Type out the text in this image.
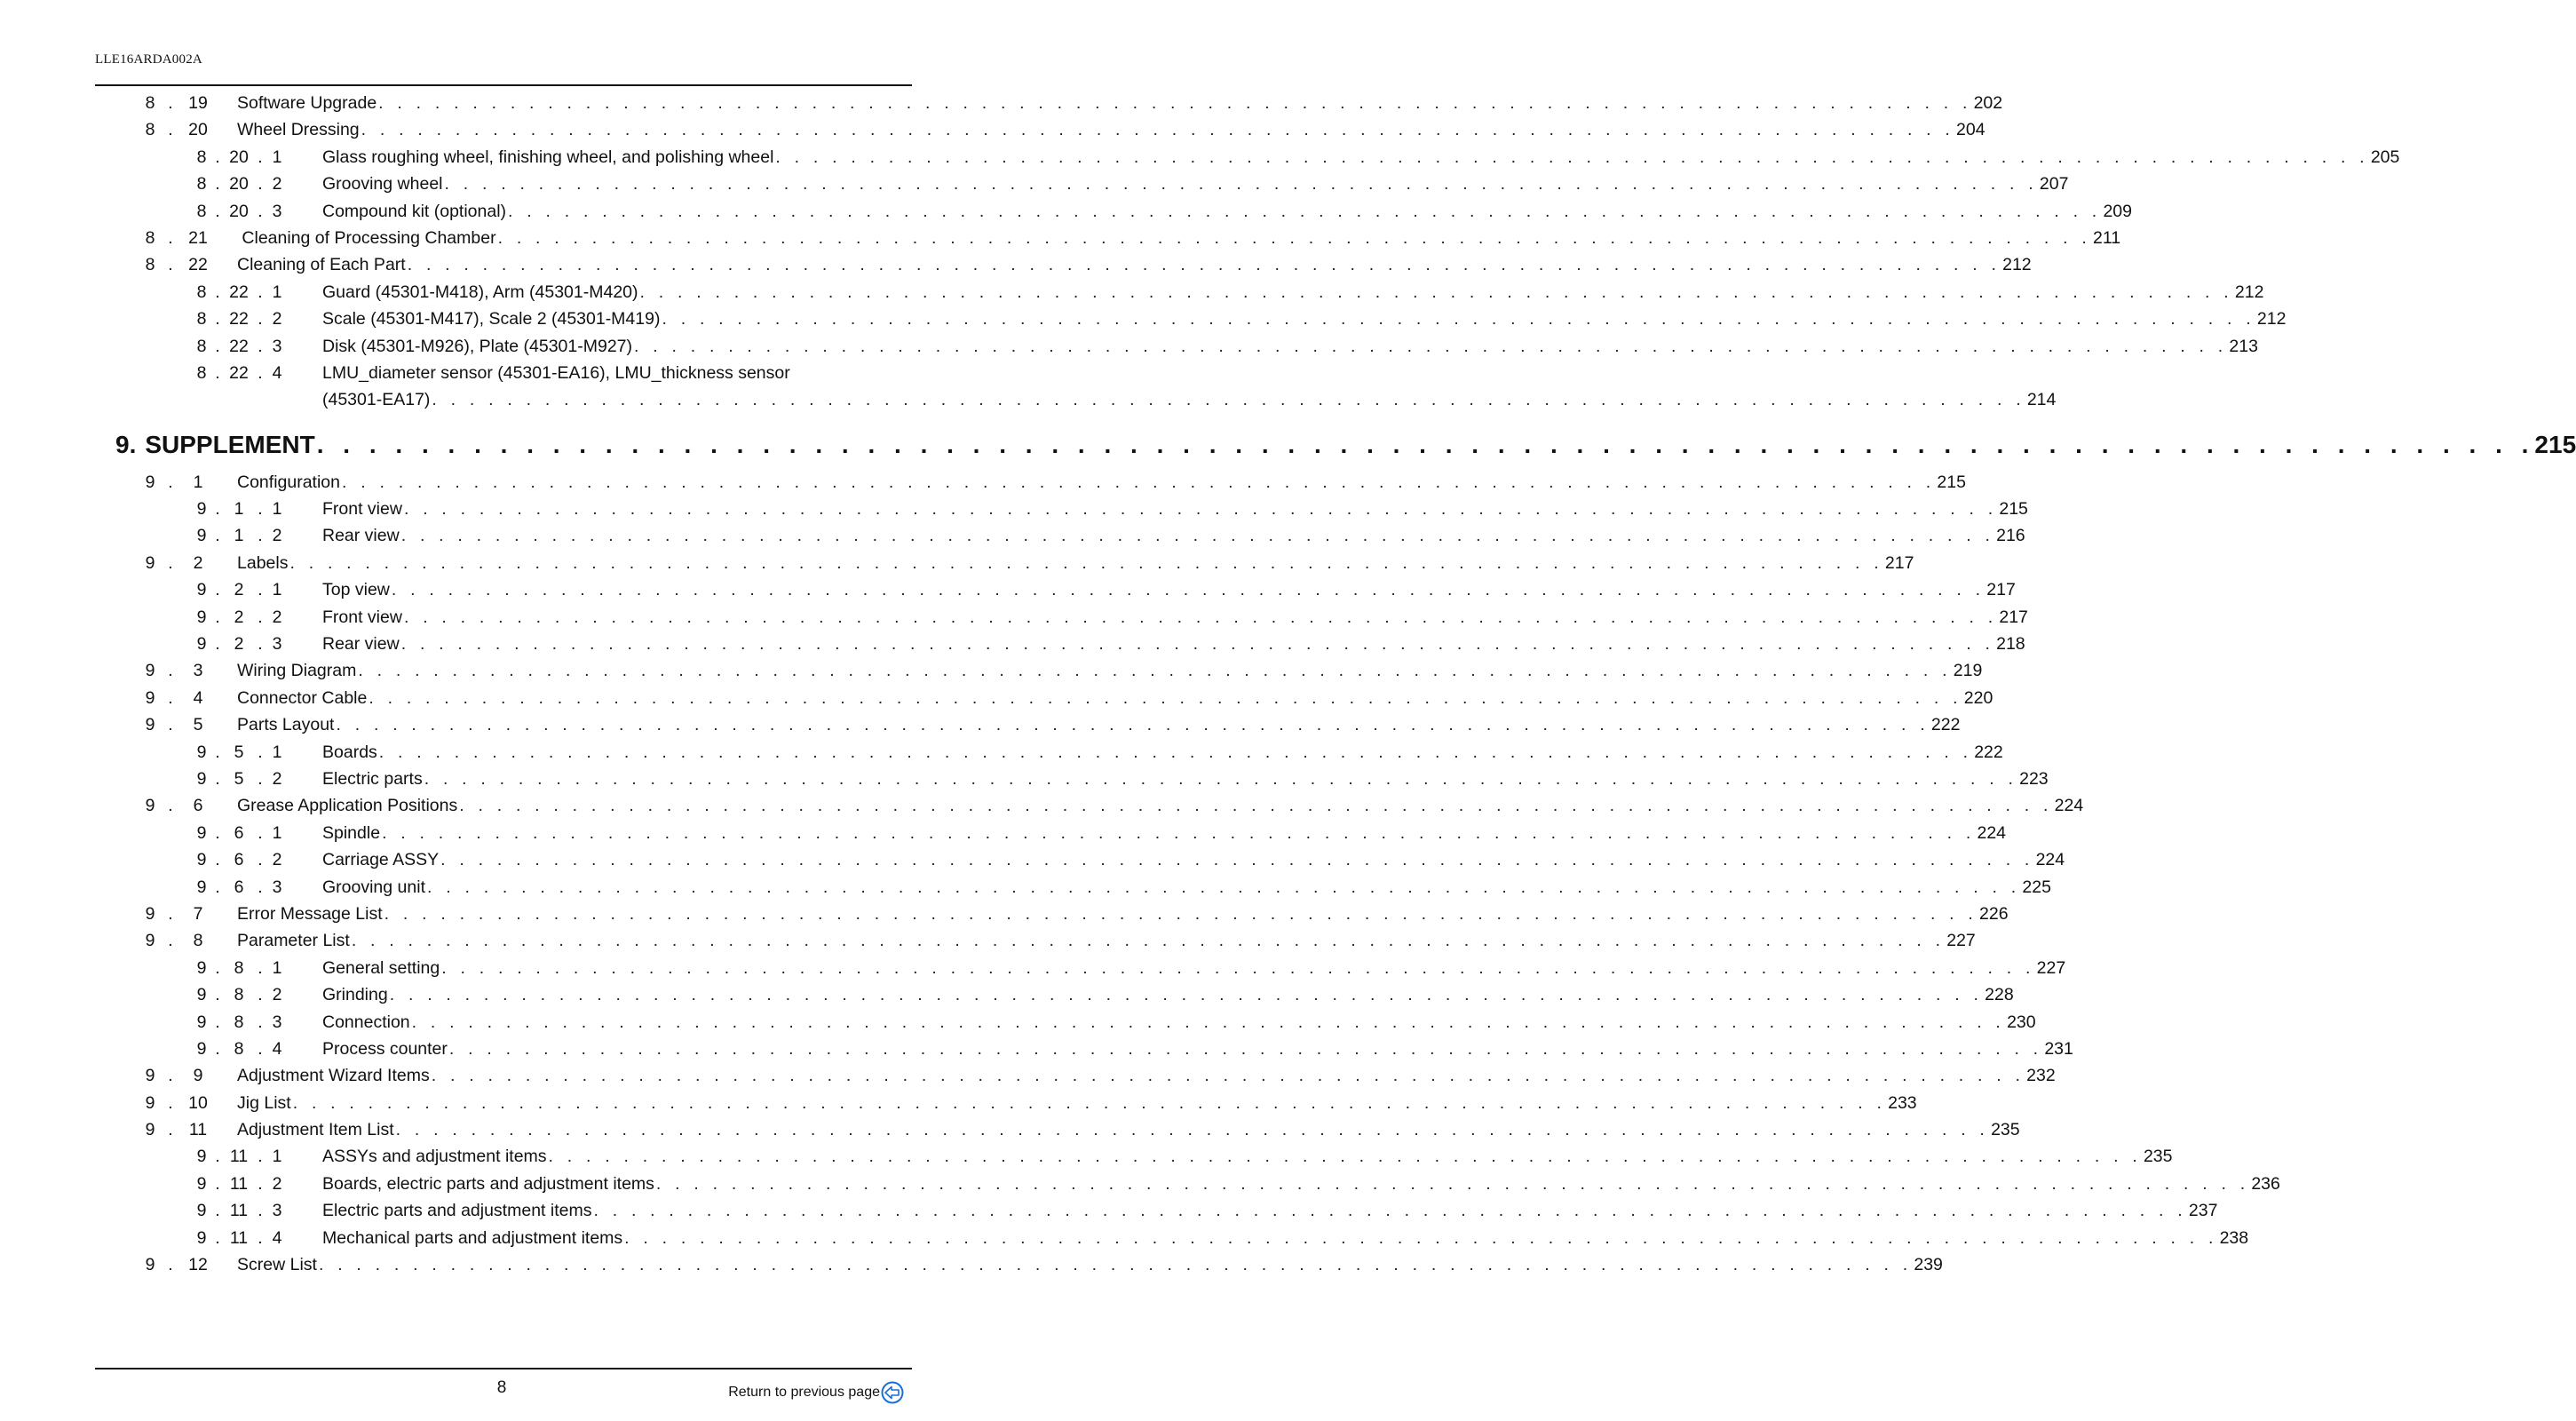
LLE16ARDA002A
8 . 19	Software Upgrade . . . . . . . . . . . . . . . . . . . . . . . . . . . . . . . . . . . . . . . . . . . . . . . . . . . . . . . . . . . . . . . . . . . . . . . . . . . . . . . . . . . . . 202
8 . 20	Wheel Dressing . . . . . . . . . . . . . . . . . . . . . . . . . . . . . . . . . . . . . . . . . . . . . . . . . . . . . . . . . . . . . . . . . . . . . . . . . . . . . . . . . . . . . 204
8 . 20 . 1 Glass roughing wheel, finishing wheel, and polishing wheel . . . . . . . . . . . . . . . . . . . . . . . . . . . . . . . . . . . . . . . . . . . . . . . . . . . . . . . . . . . . . . . . . . . . . . . . . . . . . . . . . . . . . 205
8 . 20 . 2 Grooving wheel . . . . . . . . . . . . . . . . . . . . . . . . . . . . . . . . . . . . . . . . . . . . . . . . . . . . . . . . . . . . . . . . . . . . . . . . . . . . . . . . . . . . . 207
8 . 20 . 3 Compound kit (optional) . . . . . . . . . . . . . . . . . . . . . . . . . . . . . . . . . . . . . . . . . . . . . . . . . . . . . . . . . . . . . . . . . . . . . . . . . . . . . . . . . . . . . 209
8 . 21	Cleaning of Processing Chamber . . . . . . . . . . . . . . . . . . . . . . . . . . . . . . . . . . . . . . . . . . . . . . . . . . . . . . . . . . . . . . . . . . . . . . . . . . . . . . . . . . . . . 211
8 . 22	Cleaning of Each Part . . . . . . . . . . . . . . . . . . . . . . . . . . . . . . . . . . . . . . . . . . . . . . . . . . . . . . . . . . . . . . . . . . . . . . . . . . . . . . . . . . . . . 212
8 . 22 . 1 Guard (45301-M418), Arm (45301-M420) . . . . . . . . . . . . . . . . . . . . . . . . . . . . . . . . . . . . . . . . . . . . . . . . . . . . . . . . . . . . . . . . . . . . . . . . . . . . . . . . . . . . . 212
8 . 22 . 2 Scale (45301-M417), Scale 2 (45301-M419) . . . . . . . . . . . . . . . . . . . . . . . . . . . . . . . . . . . . . . . . . . . . . . . . . . . . . . . . . . . . . . . . . . . . . . . . . . . . . . . . . . . . . 212
8 . 22 . 3 Disk (45301-M926), Plate (45301-M927) . . . . . . . . . . . . . . . . . . . . . . . . . . . . . . . . . . . . . . . . . . . . . . . . . . . . . . . . . . . . . . . . . . . . . . . . . . . . . . . . . . . . . 213
8 . 22 . 4 LMU_diameter sensor (45301-EA16), LMU_thickness sensor
(45301-EA17) . . . . . . . . . . . . . . . . . . . . . . . . . . . . . . . . . . . . . . . . . . . . . . . . . . . . . . . . . . . . . . . . . . . . . . . . . . . . . . . . . . . . . 214
9. SUPPLEMENT . . . . . . . . . . . . . . . . . . . . . . . . . . . . . . . . . . . . . . . . . . . . . . . . . . . . . . . . . . . . . . . . . . . . . . . . . . . . . . . . . . . . . 215
9 .	1	Configuration . . . . . . . . . . . . . . . . . . . . . . . . . . . . . . . . . . . . . . . . . . . . . . . . . . . . . . . . . . . . . . . . . . . . . . . . . . . . . . . . . . . . . 215
9 . 1 . 1 Front view . . . . . . . . . . . . . . . . . . . . . . . . . . . . . . . . . . . . . . . . . . . . . . . . . . . . . . . . . . . . . . . . . . . . . . . . . . . . . . . . . . . . . 215
9 . 1 . 2 Rear view . . . . . . . . . . . . . . . . . . . . . . . . . . . . . . . . . . . . . . . . . . . . . . . . . . . . . . . . . . . . . . . . . . . . . . . . . . . . . . . . . . . . . 216
9 .	2	Labels . . . . . . . . . . . . . . . . . . . . . . . . . . . . . . . . . . . . . . . . . . . . . . . . . . . . . . . . . . . . . . . . . . . . . . . . . . . . . . . . . . . . . 217
9 . 2 . 1 Top view . . . . . . . . . . . . . . . . . . . . . . . . . . . . . . . . . . . . . . . . . . . . . . . . . . . . . . . . . . . . . . . . . . . . . . . . . . . . . . . . . . . . . 217
9 . 2 . 2 Front view . . . . . . . . . . . . . . . . . . . . . . . . . . . . . . . . . . . . . . . . . . . . . . . . . . . . . . . . . . . . . . . . . . . . . . . . . . . . . . . . . . . . . 217
9 . 2 . 3 Rear view . . . . . . . . . . . . . . . . . . . . . . . . . . . . . . . . . . . . . . . . . . . . . . . . . . . . . . . . . . . . . . . . . . . . . . . . . . . . . . . . . . . . . 218
9 .	3	Wiring Diagram . . . . . . . . . . . . . . . . . . . . . . . . . . . . . . . . . . . . . . . . . . . . . . . . . . . . . . . . . . . . . . . . . . . . . . . . . . . . . . . . . . . . . 219
9 .	4	Connector Cable . . . . . . . . . . . . . . . . . . . . . . . . . . . . . . . . . . . . . . . . . . . . . . . . . . . . . . . . . . . . . . . . . . . . . . . . . . . . . . . . . . . . . 220
9 .	5	Parts Layout . . . . . . . . . . . . . . . . . . . . . . . . . . . . . . . . . . . . . . . . . . . . . . . . . . . . . . . . . . . . . . . . . . . . . . . . . . . . . . . . . . . . . 222
9 . 5 . 1 Boards . . . . . . . . . . . . . . . . . . . . . . . . . . . . . . . . . . . . . . . . . . . . . . . . . . . . . . . . . . . . . . . . . . . . . . . . . . . . . . . . . . . . . 222
9 . 5 . 2 Electric parts . . . . . . . . . . . . . . . . . . . . . . . . . . . . . . . . . . . . . . . . . . . . . . . . . . . . . . . . . . . . . . . . . . . . . . . . . . . . . . . . . . . . . 223
9 .	6	Grease Application Positions . . . . . . . . . . . . . . . . . . . . . . . . . . . . . . . . . . . . . . . . . . . . . . . . . . . . . . . . . . . . . . . . . . . . . . . . . . . . . . . . . . . . . 224
9 . 6 . 1 Spindle . . . . . . . . . . . . . . . . . . . . . . . . . . . . . . . . . . . . . . . . . . . . . . . . . . . . . . . . . . . . . . . . . . . . . . . . . . . . . . . . . . . . . 224
9 . 6 . 2 Carriage ASSY . . . . . . . . . . . . . . . . . . . . . . . . . . . . . . . . . . . . . . . . . . . . . . . . . . . . . . . . . . . . . . . . . . . . . . . . . . . . . . . . . . . . . 224
9 . 6 . 3 Grooving unit . . . . . . . . . . . . . . . . . . . . . . . . . . . . . . . . . . . . . . . . . . . . . . . . . . . . . . . . . . . . . . . . . . . . . . . . . . . . . . . . . . . . . 225
9 .	7	Error Message List . . . . . . . . . . . . . . . . . . . . . . . . . . . . . . . . . . . . . . . . . . . . . . . . . . . . . . . . . . . . . . . . . . . . . . . . . . . . . . . . . . . . . 226
9 .	8	Parameter List . . . . . . . . . . . . . . . . . . . . . . . . . . . . . . . . . . . . . . . . . . . . . . . . . . . . . . . . . . . . . . . . . . . . . . . . . . . . . . . . . . . . . 227
9 . 8 . 1 General setting . . . . . . . . . . . . . . . . . . . . . . . . . . . . . . . . . . . . . . . . . . . . . . . . . . . . . . . . . . . . . . . . . . . . . . . . . . . . . . . . . . . . . 227
9 . 8 . 2 Grinding . . . . . . . . . . . . . . . . . . . . . . . . . . . . . . . . . . . . . . . . . . . . . . . . . . . . . . . . . . . . . . . . . . . . . . . . . . . . . . . . . . . . . 228
9 . 8 . 3 Connection . . . . . . . . . . . . . . . . . . . . . . . . . . . . . . . . . . . . . . . . . . . . . . . . . . . . . . . . . . . . . . . . . . . . . . . . . . . . . . . . . . . . . 230
9 . 8 . 4 Process counter . . . . . . . . . . . . . . . . . . . . . . . . . . . . . . . . . . . . . . . . . . . . . . . . . . . . . . . . . . . . . . . . . . . . . . . . . . . . . . . . . . . . . 231
9 .	9	Adjustment Wizard Items . . . . . . . . . . . . . . . . . . . . . . . . . . . . . . . . . . . . . . . . . . . . . . . . . . . . . . . . . . . . . . . . . . . . . . . . . . . . . . . . . . . . . 232
9 . 10	Jig List . . . . . . . . . . . . . . . . . . . . . . . . . . . . . . . . . . . . . . . . . . . . . . . . . . . . . . . . . . . . . . . . . . . . . . . . . . . . . . . . . . . . . 233
9 . 11	Adjustment Item List . . . . . . . . . . . . . . . . . . . . . . . . . . . . . . . . . . . . . . . . . . . . . . . . . . . . . . . . . . . . . . . . . . . . . . . . . . . . . . . . . . . . . 235
9 . 11 . 1 ASSYs and adjustment items . . . . . . . . . . . . . . . . . . . . . . . . . . . . . . . . . . . . . . . . . . . . . . . . . . . . . . . . . . . . . . . . . . . . . . . . . . . . . . . . . . . . . 235
9 . 11 . 2 Boards, electric parts and adjustment items . . . . . . . . . . . . . . . . . . . . . . . . . . . . . . . . . . . . . . . . . . . . . . . . . . . . . . . . . . . . . . . . . . . . . . . . . . . . . . . . . . . . . 236
9 . 11 . 3 Electric parts and adjustment items . . . . . . . . . . . . . . . . . . . . . . . . . . . . . . . . . . . . . . . . . . . . . . . . . . . . . . . . . . . . . . . . . . . . . . . . . . . . . . . . . . . . . 237
9 . 11 . 4 Mechanical parts and adjustment items . . . . . . . . . . . . . . . . . . . . . . . . . . . . . . . . . . . . . . . . . . . . . . . . . . . . . . . . . . . . . . . . . . . . . . . . . . . . . . . . . . . . . 238
9 . 12	Screw List . . . . . . . . . . . . . . . . . . . . . . . . . . . . . . . . . . . . . . . . . . . . . . . . . . . . . . . . . . . . . . . . . . . . . . . . . . . . . . . . . . . . . 239
8	Return to previous page
